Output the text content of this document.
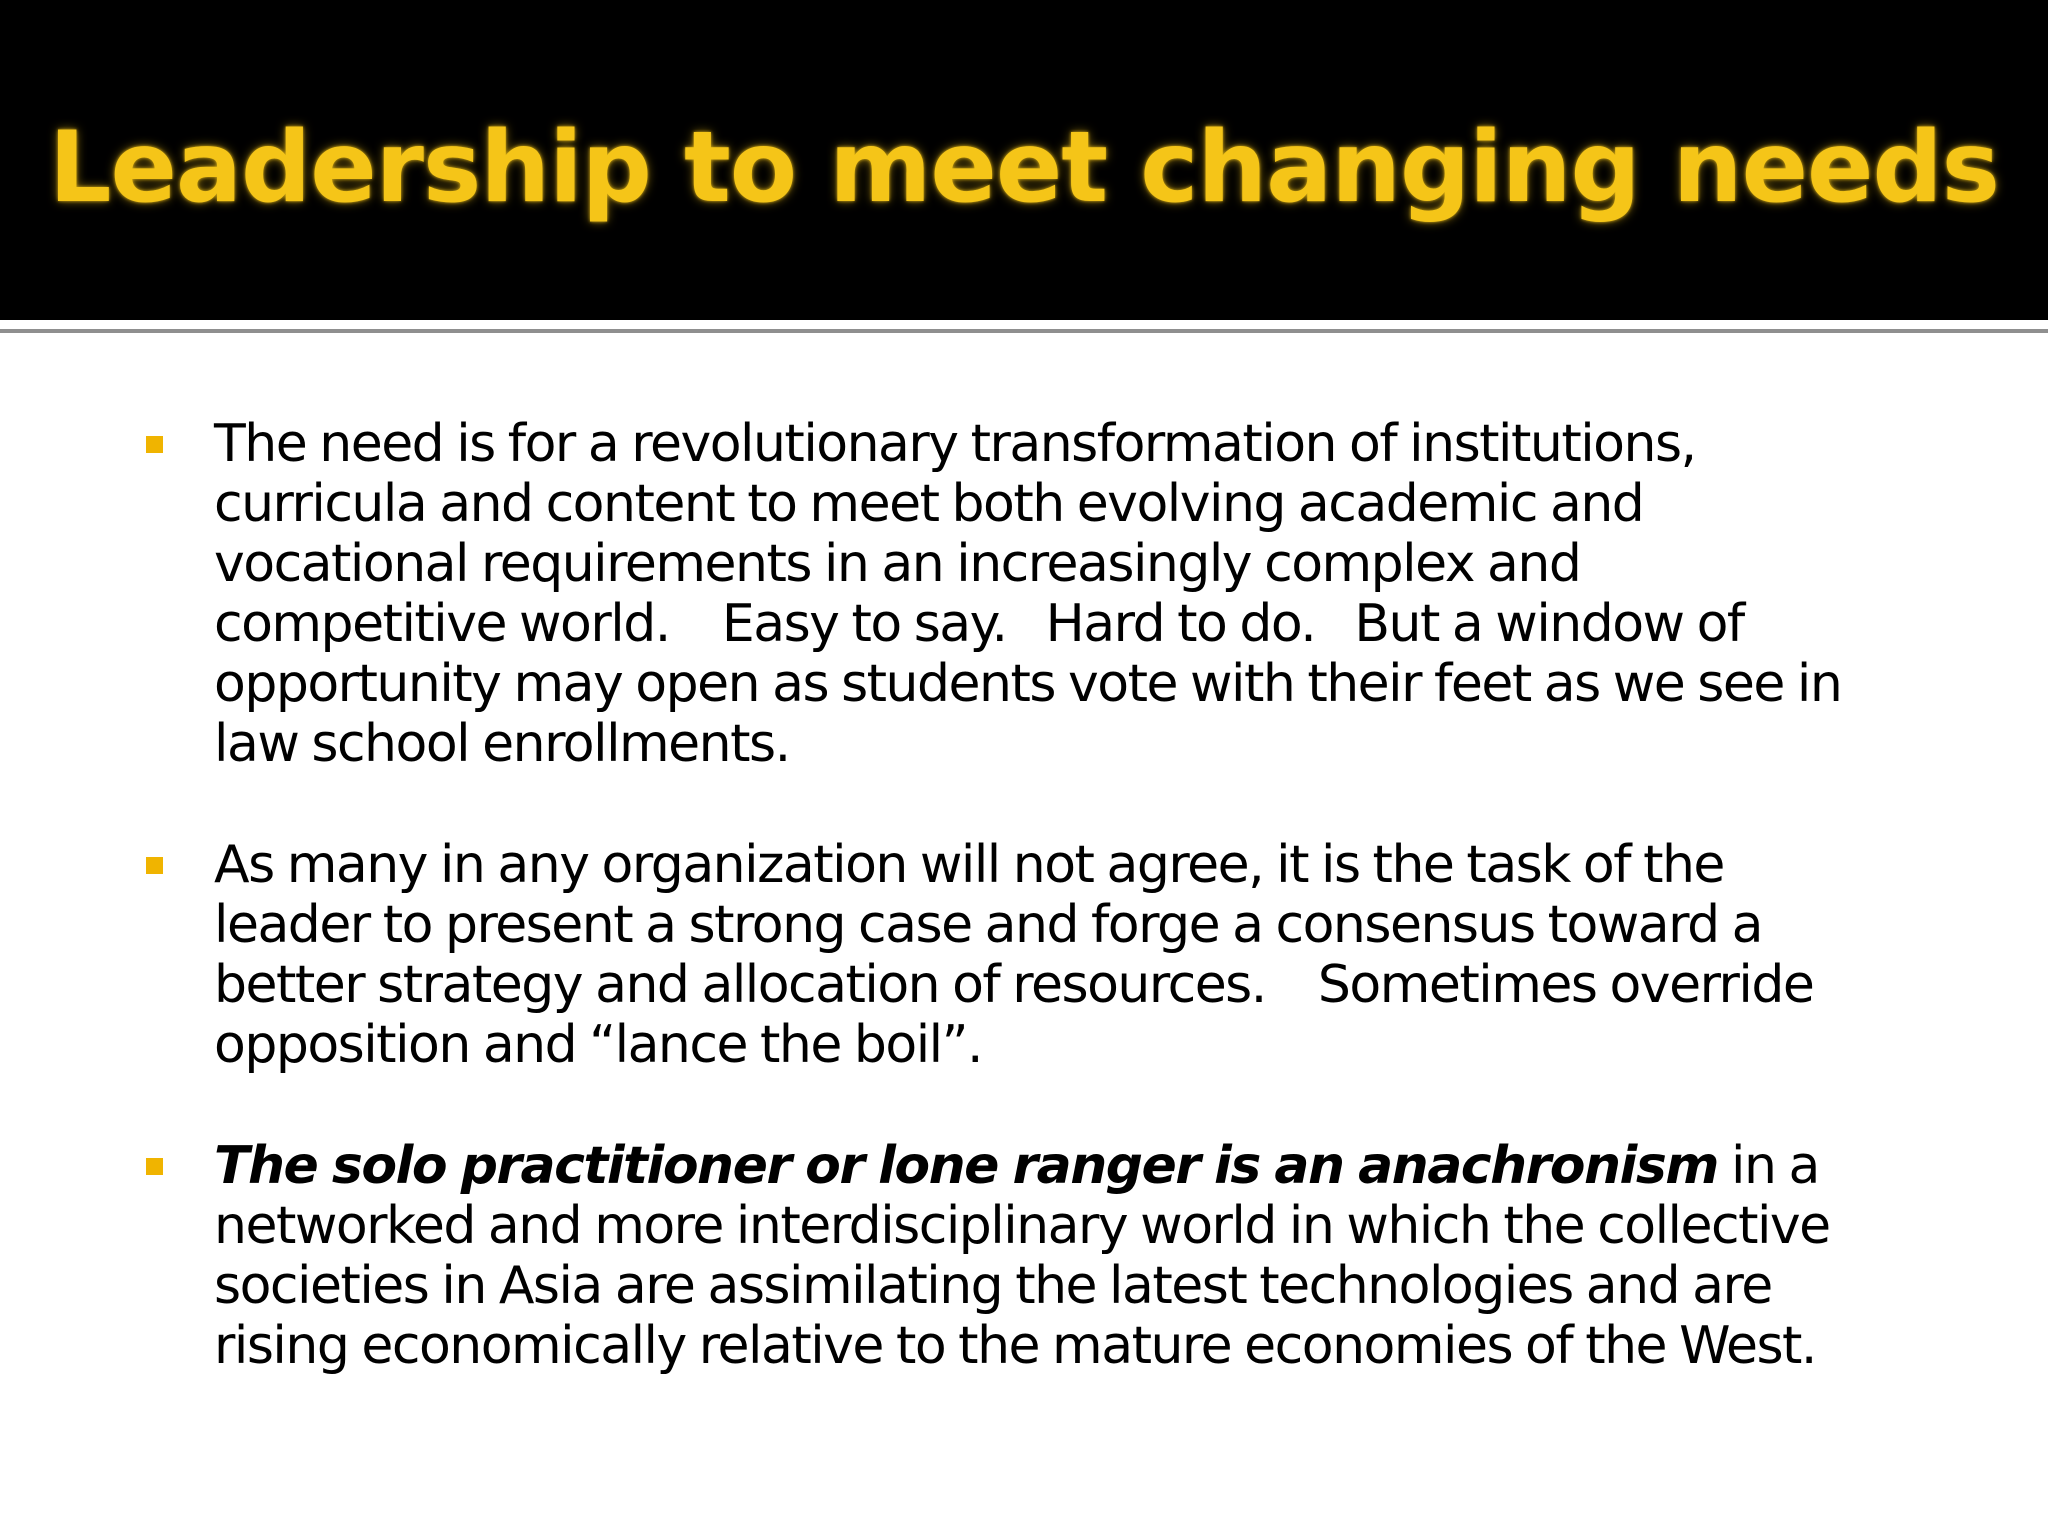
Leadership to meet changing needs
The need is for a revolutionary transformation of institutions,
curricula and content to meet both evolving academic and
vocational requirements in an increasingly complex and
competitive world.    Easy to say.   Hard to do.   But a window of
opportunity may open as students vote with their feet as we see in
law school enrollments.
As many in any organization will not agree, it is the task of the
leader to present a strong case and forge a consensus toward a
better strategy and allocation of resources.    Sometimes override
opposition and “lance the boil”.
The solo practitioner or lone ranger is an anachronism in a
networked and more interdisciplinary world in which the collective
societies in Asia are assimilating the latest technologies and are
rising economically relative to the mature economies of the West.
